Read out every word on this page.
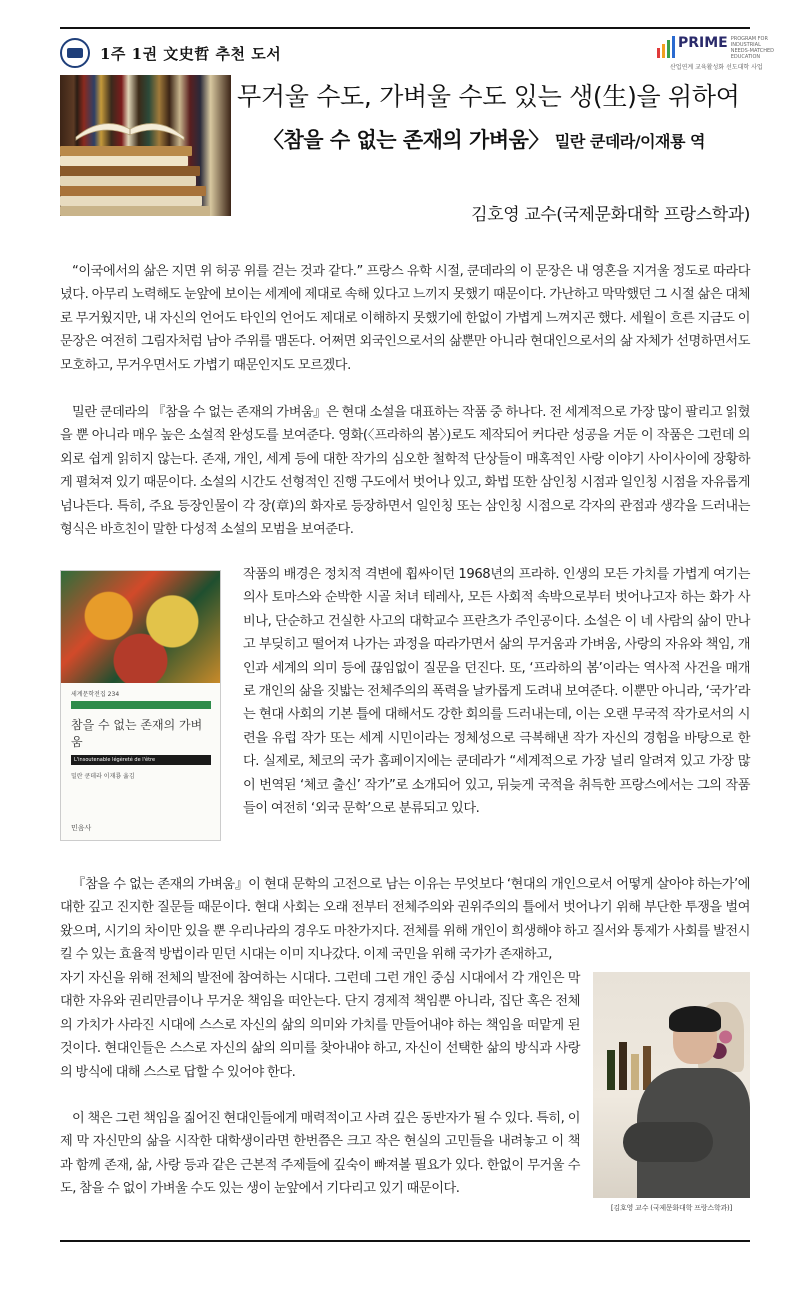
1주 1권 文史哲 추천 도서
PRIME PROGRAM FOR INDUSTRIAL NEEDS-MATCHED EDUCATION
산업연계 교육활성화 선도대학 사업
무거울 수도, 가벼울 수도 있는 생(生)을 위하여
〈참을 수 없는 존재의 가벼움〉 밀란 쿤데라/이재룡 역
김호영 교수(국제문화대학 프랑스학과)

“이국에서의 삶은 지면 위 허공 위를 걷는 것과 같다.” 프랑스 유학 시절, 쿤데라의 이 문장은 내 영혼을 지겨울 정도로 따라다녔다. 아무리 노력해도 눈앞에 보이는 세계에 제대로 속해 있다고 느끼지 못했기 때문이다. 가난하고 막막했던 그 시절 삶은 대체로 무거웠지만, 내 자신의 언어도 타인의 언어도 제대로 이해하지 못했기에 한없이 가볍게 느껴지곤 했다. 세월이 흐른 지금도 이 문장은 여전히 그림자처럼 남아 주위를 맴돈다. 어쩌면 외국인으로서의 삶뿐만 아니라 현대인으로서의 삶 자체가 선명하면서도 모호하고, 무거우면서도 가볍기 때문인지도 모르겠다.

밀란 쿤데라의 『참을 수 없는 존재의 가벼움』은 현대 소설을 대표하는 작품 중 하나다. 전 세계적으로 가장 많이 팔리고 읽혔을 뿐 아니라 매우 높은 소설적 완성도를 보여준다. 영화(〈프라하의 봄〉)로도 제작되어 커다란 성공을 거둔 이 작품은 그런데 의외로 쉽게 읽히지 않는다. 존재, 개인, 세계 등에 대한 작가의 심오한 철학적 단상들이 매혹적인 사랑 이야기 사이사이에 장황하게 펼쳐져 있기 때문이다. 소설의 시간도 선형적인 진행 구도에서 벗어나 있고, 화법 또한 삼인칭 시점과 일인칭 시점을 자유롭게 넘나든다. 특히, 주요 등장인물이 각 장(章)의 화자로 등장하면서 일인칭 또는 삼인칭 시점으로 각자의 관점과 생각을 드러내는 형식은 바흐친이 말한 다성적 소설의 모범을 보여준다.

세계문학전집 234
참을 수 없는 존재의 가벼움
L'insoutenable légèreté de l'être
밀란 쿤데라 이재룡 옮김
민음사

작품의 배경은 정치적 격변에 휩싸이던 1968년의 프라하. 인생의 모든 가치를 가볍게 여기는 의사 토마스와 순박한 시골 처녀 테레사, 모든 사회적 속박으로부터 벗어나고자 하는 화가 사비나, 단순하고 건실한 사고의 대학교수 프란츠가 주인공이다. 소설은 이 네 사람의 삶이 만나고 부딪히고 떨어져 나가는 과정을 따라가면서 삶의 무거움과 가벼움, 사랑의 자유와 책임, 개인과 세계의 의미 등에 끊임없이 질문을 던진다. 또, ‘프라하의 봄’이라는 역사적 사건을 매개로 개인의 삶을 짓밟는 전체주의의 폭력을 날카롭게 도려내 보여준다. 이뿐만 아니라, ‘국가’라는 현대 사회의 기본 틀에 대해서도 강한 회의를 드러내는데, 이는 오랜 무국적 작가로서의 시련을 유럽 작가 또는 세계 시민이라는 정체성으로 극복해낸 작가 자신의 경험을 바탕으로 한다. 실제로, 체코의 국가 홈페이지에는 쿤데라가 “세계적으로 가장 널리 알려져 있고 가장 많이 번역된 ‘체코 출신’ 작가”로 소개되어 있고, 뒤늦게 국적을 취득한 프랑스에서는 그의 작품들이 여전히 ‘외국 문학’으로 분류되고 있다.

『참을 수 없는 존재의 가벼움』이 현대 문학의 고전으로 남는 이유는 무엇보다 ‘현대의 개인으로서 어떻게 살아야 하는가’에 대한 깊고 진지한 질문들 때문이다. 현대 사회는 오래 전부터 전체주의와 권위주의의 틀에서 벗어나기 위해 부단한 투쟁을 벌여왔으며, 시기의 차이만 있을 뿐 우리나라의 경우도 마찬가지다. 전체를 위해 개인이 희생해야 하고 질서와 통제가 사회를 발전시킬 수 있는 효율적 방법이라 믿던 시대는 이미 지나갔다. 이제 국민을 위해 국가가 존재하고,

자기 자신을 위해 전체의 발전에 참여하는 시대다. 그런데 그런 개인 중심 시대에서 각 개인은 막대한 자유와 권리만큼이나 무거운 책임을 떠안는다. 단지 경제적 책임뿐 아니라, 집단 혹은 전체의 가치가 사라진 시대에 스스로 자신의 삶의 의미와 가치를 만들어내야 하는 책임을 떠맡게 된 것이다. 현대인들은 스스로 자신의 삶의 의미를 찾아내야 하고, 자신이 선택한 삶의 방식과 사랑의 방식에 대해 스스로 답할 수 있어야 한다.

이 책은 그런 책임을 짊어진 현대인들에게 매력적이고 사려 깊은 동반자가 될 수 있다. 특히, 이제 막 자신만의 삶을 시작한 대학생이라면 한번쯤은 크고 작은 현실의 고민들을 내려놓고 이 책과 함께 존재, 삶, 사랑 등과 같은 근본적 주제들에 깊숙이 빠져볼 필요가 있다. 한없이 무거울 수도, 참을 수 없이 가벼울 수도 있는 생이 눈앞에서 기다리고 있기 때문이다.

[김호영 교수 (국제문화대학 프랑스학과)]
